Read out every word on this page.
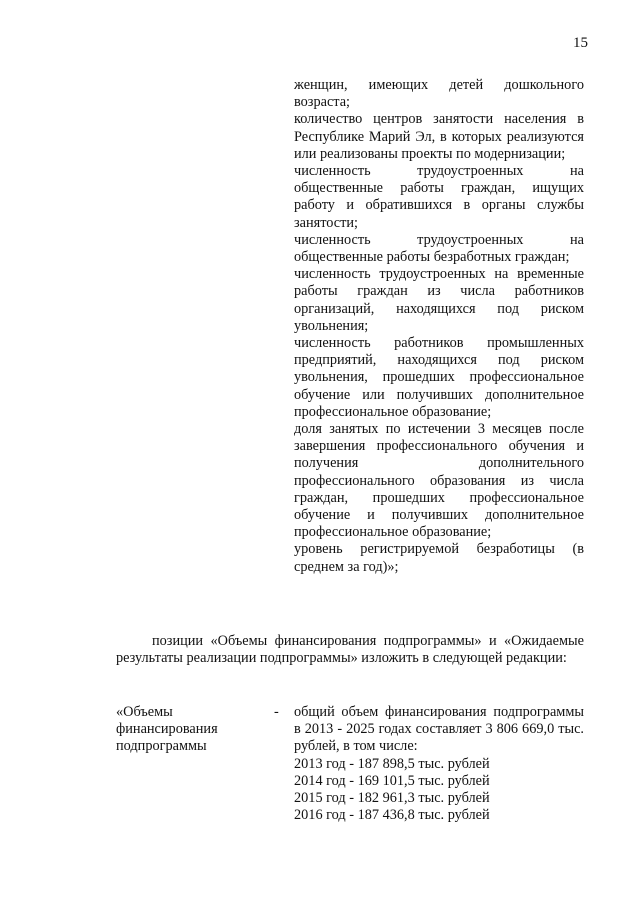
15
женщин, имеющих детей дошкольного возраста;
количество центров занятости населения в Республике Марий Эл, в которых реализуются или реализованы проекты по модернизации;
численность трудоустроенных на общественные работы граждан, ищущих работу и обратившихся в органы службы занятости;
численность трудоустроенных на общественные работы безработных граждан;
численность трудоустроенных на временные работы граждан из числа работников организаций, находящихся под риском увольнения;
численность работников промышленных предприятий, находящихся под риском увольнения, прошедших профессиональное обучение или получивших дополнительное профессиональное образование;
доля занятых по истечении 3 месяцев после завершения профессионального обучения и получения дополнительного профессионального образования из числа граждан, прошедших профессиональное обучение и получивших дополнительное профессиональное образование;
уровень регистрируемой безработицы (в среднем за год)»;
позиции «Объемы финансирования подпрограммы» и «Ожидаемые результаты реализации подпрограммы» изложить в следующей редакции:
«Объемы финансирования подпрограммы
- общий объем финансирования подпрограммы в 2013 - 2025 годах составляет 3 806 669,0 тыс. рублей, в том числе:
2013 год - 187 898,5 тыс. рублей
2014 год - 169 101,5 тыс. рублей
2015 год - 182 961,3 тыс. рублей
2016 год - 187 436,8 тыс. рублей
